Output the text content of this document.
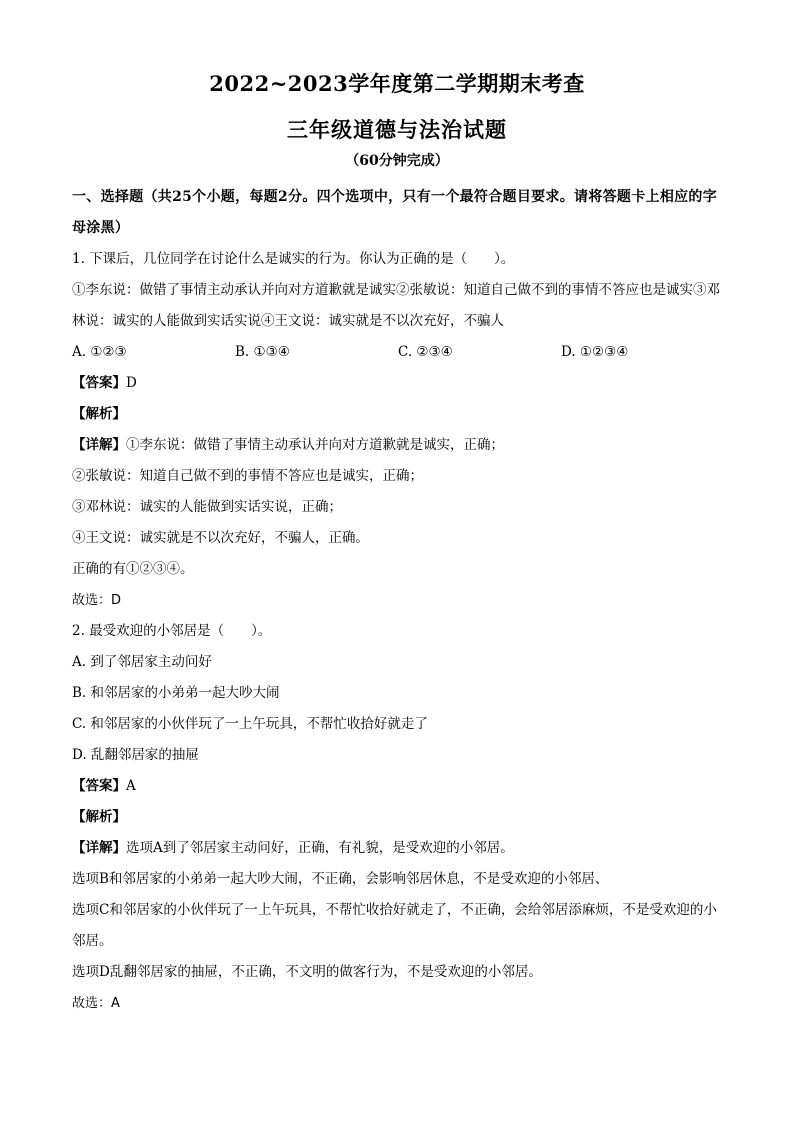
2022~2023学年度第二学期期末考查
三年级道德与法治试题
（60分钟完成）
一、选择题（共25个小题，每题2分。四个选项中，只有一个最符合题目要求。请将答题卡上相应的字母涂黑）
1. 下课后，几位同学在讨论什么是诚实的行为。你认为正确的是（　　）。
①李东说：做错了事情主动承认并向对方道歉就是诚实②张敏说：知道自己做不到的事情不答应也是诚实③邓林说：诚实的人能做到实话实说④王文说：诚实就是不以次充好，不骗人
A. ①②③	B. ①③④	C. ②③④	D. ①②③④
【答案】D
【解析】
【详解】①李东说：做错了事情主动承认并向对方道歉就是诚实，正确；
②张敏说：知道自己做不到的事情不答应也是诚实，正确；
③邓林说：诚实的人能做到实话实说，正确；
④王文说：诚实就是不以次充好，不骗人，正确。
正确的有①②③④。
故选：D
2. 最受欢迎的小邻居是（　　）。
A. 到了邻居家主动问好
B. 和邻居家的小弟弟一起大吵大闹
C. 和邻居家的小伙伴玩了一上午玩具，不帮忙收拾好就走了
D. 乱翻邻居家的抽屉
【答案】A
【解析】
【详解】选项A到了邻居家主动问好，正确，有礼貌，是受欢迎的小邻居。
选项B和邻居家的小弟弟一起大吵大闹，不正确，会影响邻居休息，不是受欢迎的小邻居、
选项C和邻居家的小伙伴玩了一上午玩具，不帮忙收拾好就走了，不正确，会给邻居添麻烦，不是受欢迎的小邻居。
选项D乱翻邻居家的抽屉，不正确，不文明的做客行为，不是受欢迎的小邻居。
故选：A
